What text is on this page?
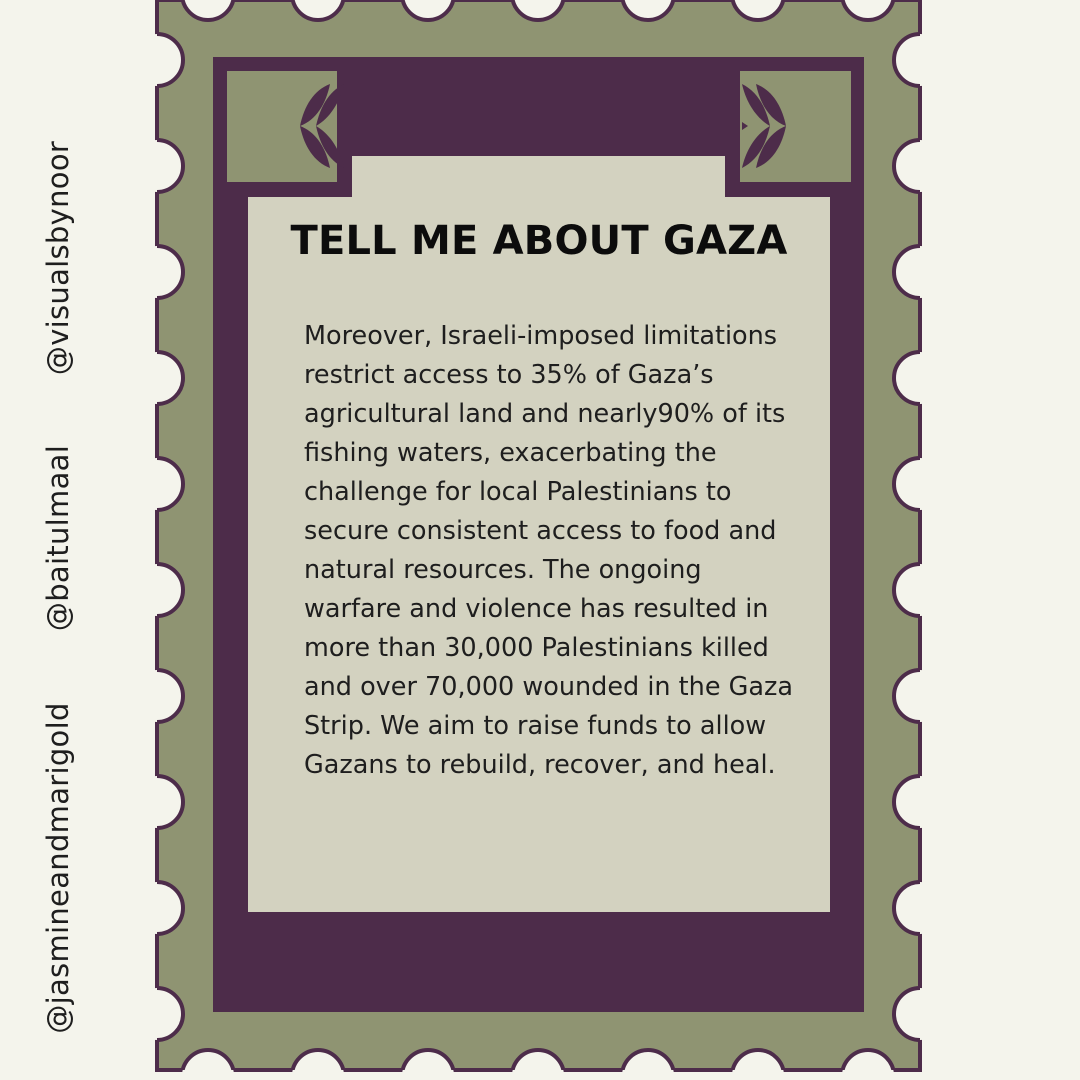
@visualsbynoor
@baitulmaal
@jasmineandmarigold
TELL ME ABOUT GAZA

Moreover, Israeli-imposed limitations restrict access to 35% of Gaza’s agricultural land and nearly90% of its fishing waters, exacerbating the challenge for local Palestinians to secure consistent access to food and natural resources. The ongoing warfare and violence has resulted in more than 30,000 Palestinians killed and over 70,000 wounded in the Gaza Strip. We aim to raise funds to allow Gazans to rebuild, recover, and heal.
